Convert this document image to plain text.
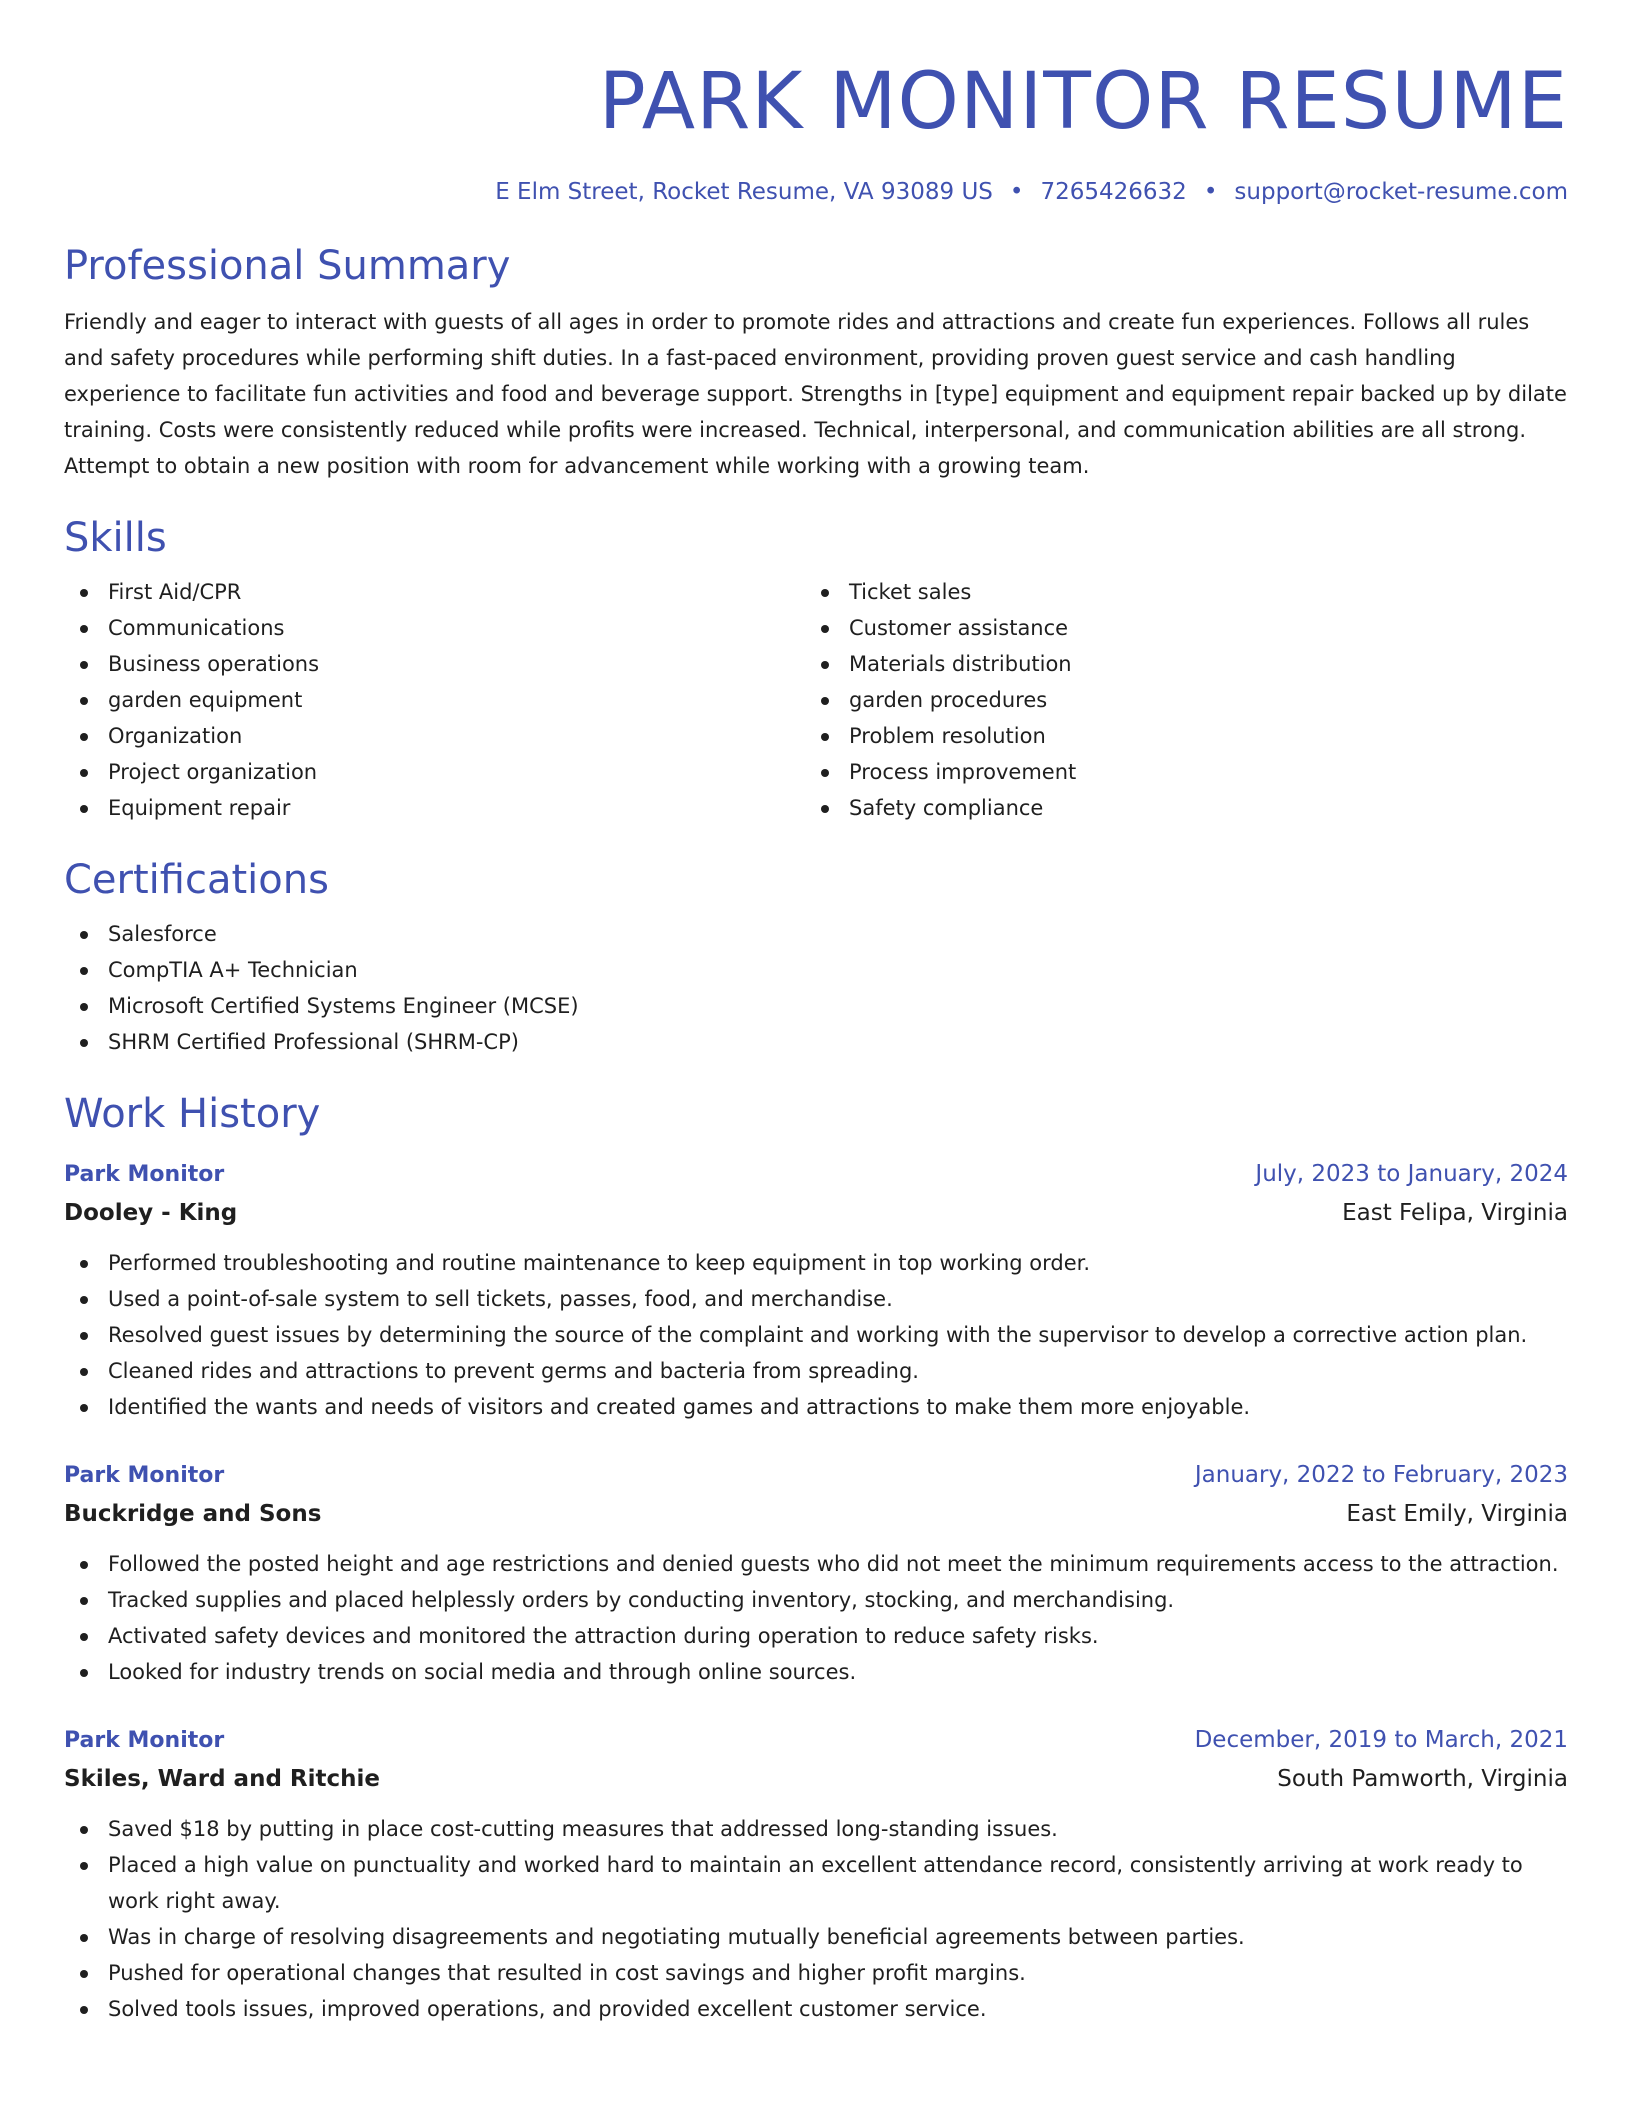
PARK MONITOR RESUME
E Elm Street, Rocket Resume, VA 93089 US • 7265426632 • support@rocket-resume.com
Professional Summary

Friendly and eager to interact with guests of all ages in order to promote rides and attractions and create fun experiences. Follows all rules and safety procedures while performing shift duties. In a fast-paced environment, providing proven guest service and cash handling experience to facilitate fun activities and food and beverage support. Strengths in [type] equipment and equipment repair backed up by dilate training. Costs were consistently reduced while profits were increased. Technical, interpersonal, and communication abilities are all strong. Attempt to obtain a new position with room for advancement while working with a growing team.

Skills
First Aid/CPR
Communications
Business operations
garden equipment
Organization
Project organization
Equipment repair
Ticket sales
Customer assistance
Materials distribution
garden procedures
Problem resolution
Process improvement
Safety compliance
Certifications
Salesforce
CompTIA A+ Technician
Microsoft Certified Systems Engineer (MCSE)
SHRM Certified Professional (SHRM-CP)
Work History
Park Monitor	July, 2023 to January, 2024
Dooley - King	East Felipa, Virginia
Performed troubleshooting and routine maintenance to keep equipment in top working order.
Used a point-of-sale system to sell tickets, passes, food, and merchandise.
Resolved guest issues by determining the source of the complaint and working with the supervisor to develop a corrective action plan.
Cleaned rides and attractions to prevent germs and bacteria from spreading.
Identified the wants and needs of visitors and created games and attractions to make them more enjoyable.
Park Monitor	January, 2022 to February, 2023
Buckridge and Sons	East Emily, Virginia
Followed the posted height and age restrictions and denied guests who did not meet the minimum requirements access to the attraction.
Tracked supplies and placed helplessly orders by conducting inventory, stocking, and merchandising.
Activated safety devices and monitored the attraction during operation to reduce safety risks.
Looked for industry trends on social media and through online sources.
Park Monitor	December, 2019 to March, 2021
Skiles, Ward and Ritchie	South Pamworth, Virginia
Saved $18 by putting in place cost-cutting measures that addressed long-standing issues.
Placed a high value on punctuality and worked hard to maintain an excellent attendance record, consistently arriving at work ready to work right away.
Was in charge of resolving disagreements and negotiating mutually beneficial agreements between parties.
Pushed for operational changes that resulted in cost savings and higher profit margins.
Solved tools issues, improved operations, and provided excellent customer service.
